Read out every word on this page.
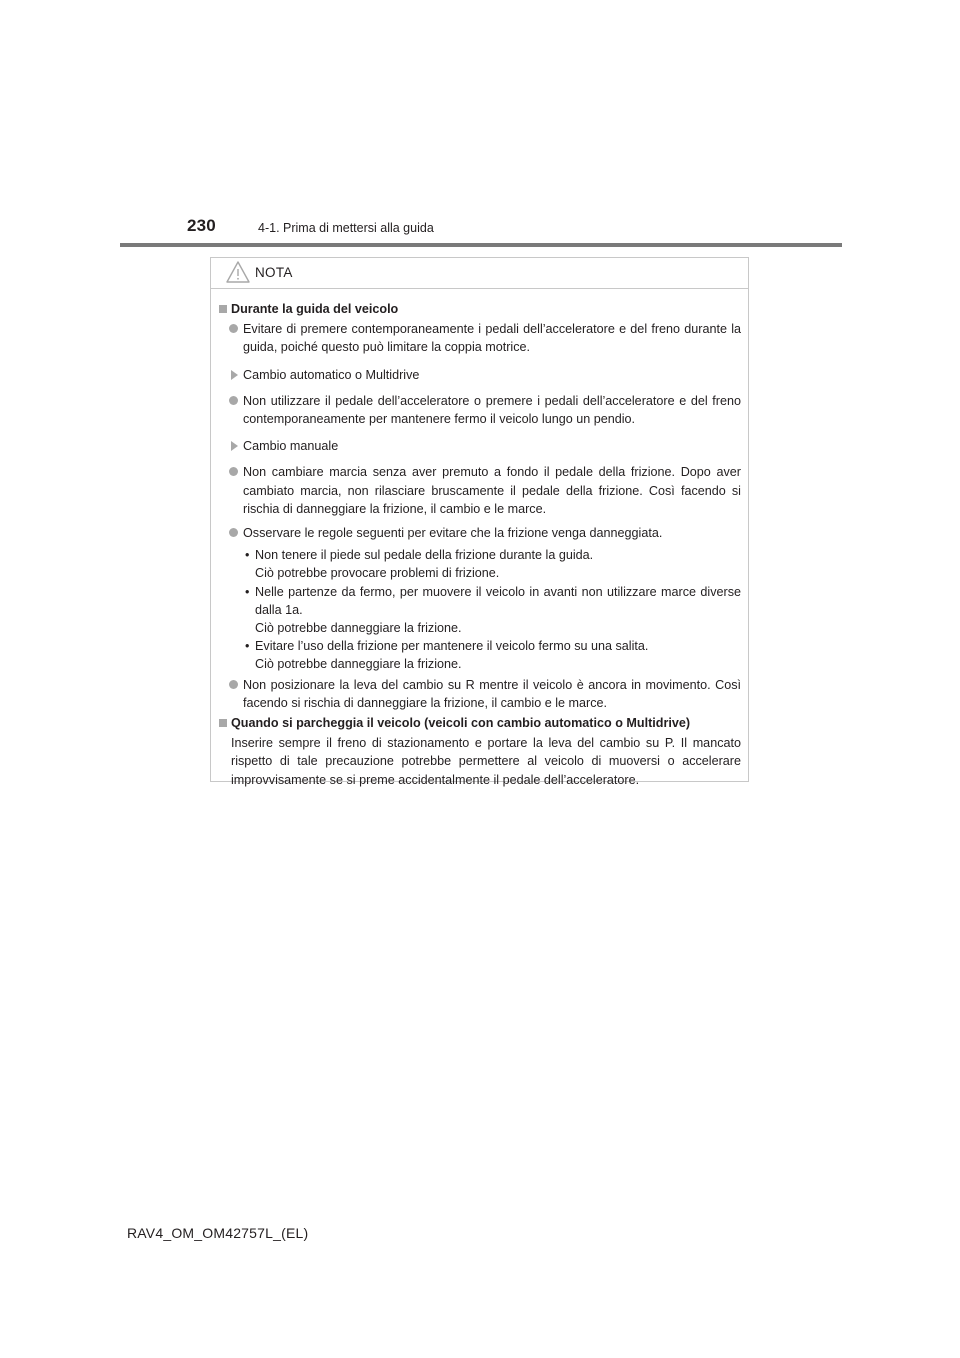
230	4-1. Prima di mettersi alla guida
NOTA
Durante la guida del veicolo
Evitare di premere contemporaneamente i pedali dell’acceleratore e del freno durante la guida, poiché questo può limitare la coppia motrice.
Cambio automatico o Multidrive
Non utilizzare il pedale dell’acceleratore o premere i pedali dell’acceleratore e del freno contemporaneamente per mantenere fermo il veicolo lungo un pendio.
Cambio manuale
Non cambiare marcia senza aver premuto a fondo il pedale della frizione. Dopo aver cambiato marcia, non rilasciare bruscamente il pedale della frizione. Così facendo si rischia di danneggiare la frizione, il cambio e le marce.
Osservare le regole seguenti per evitare che la frizione venga danneggiata.
• Non tenere il piede sul pedale della frizione durante la guida.
Ciò potrebbe provocare problemi di frizione.
• Nelle partenze da fermo, per muovere il veicolo in avanti non utilizzare marce diverse dalla 1a.
Ciò potrebbe danneggiare la frizione.
• Evitare l’uso della frizione per mantenere il veicolo fermo su una salita.
Ciò potrebbe danneggiare la frizione.
Non posizionare la leva del cambio su R mentre il veicolo è ancora in movimento. Così facendo si rischia di danneggiare la frizione, il cambio e le marce.
Quando si parcheggia il veicolo (veicoli con cambio automatico o Multidrive)
Inserire sempre il freno di stazionamento e portare la leva del cambio su P. Il mancato rispetto di tale precauzione potrebbe permettere al veicolo di muoversi o accelerare improvvisamente se si preme accidentalmente il pedale dell’acceleratore.
RAV4_OM_OM42757L_(EL)
